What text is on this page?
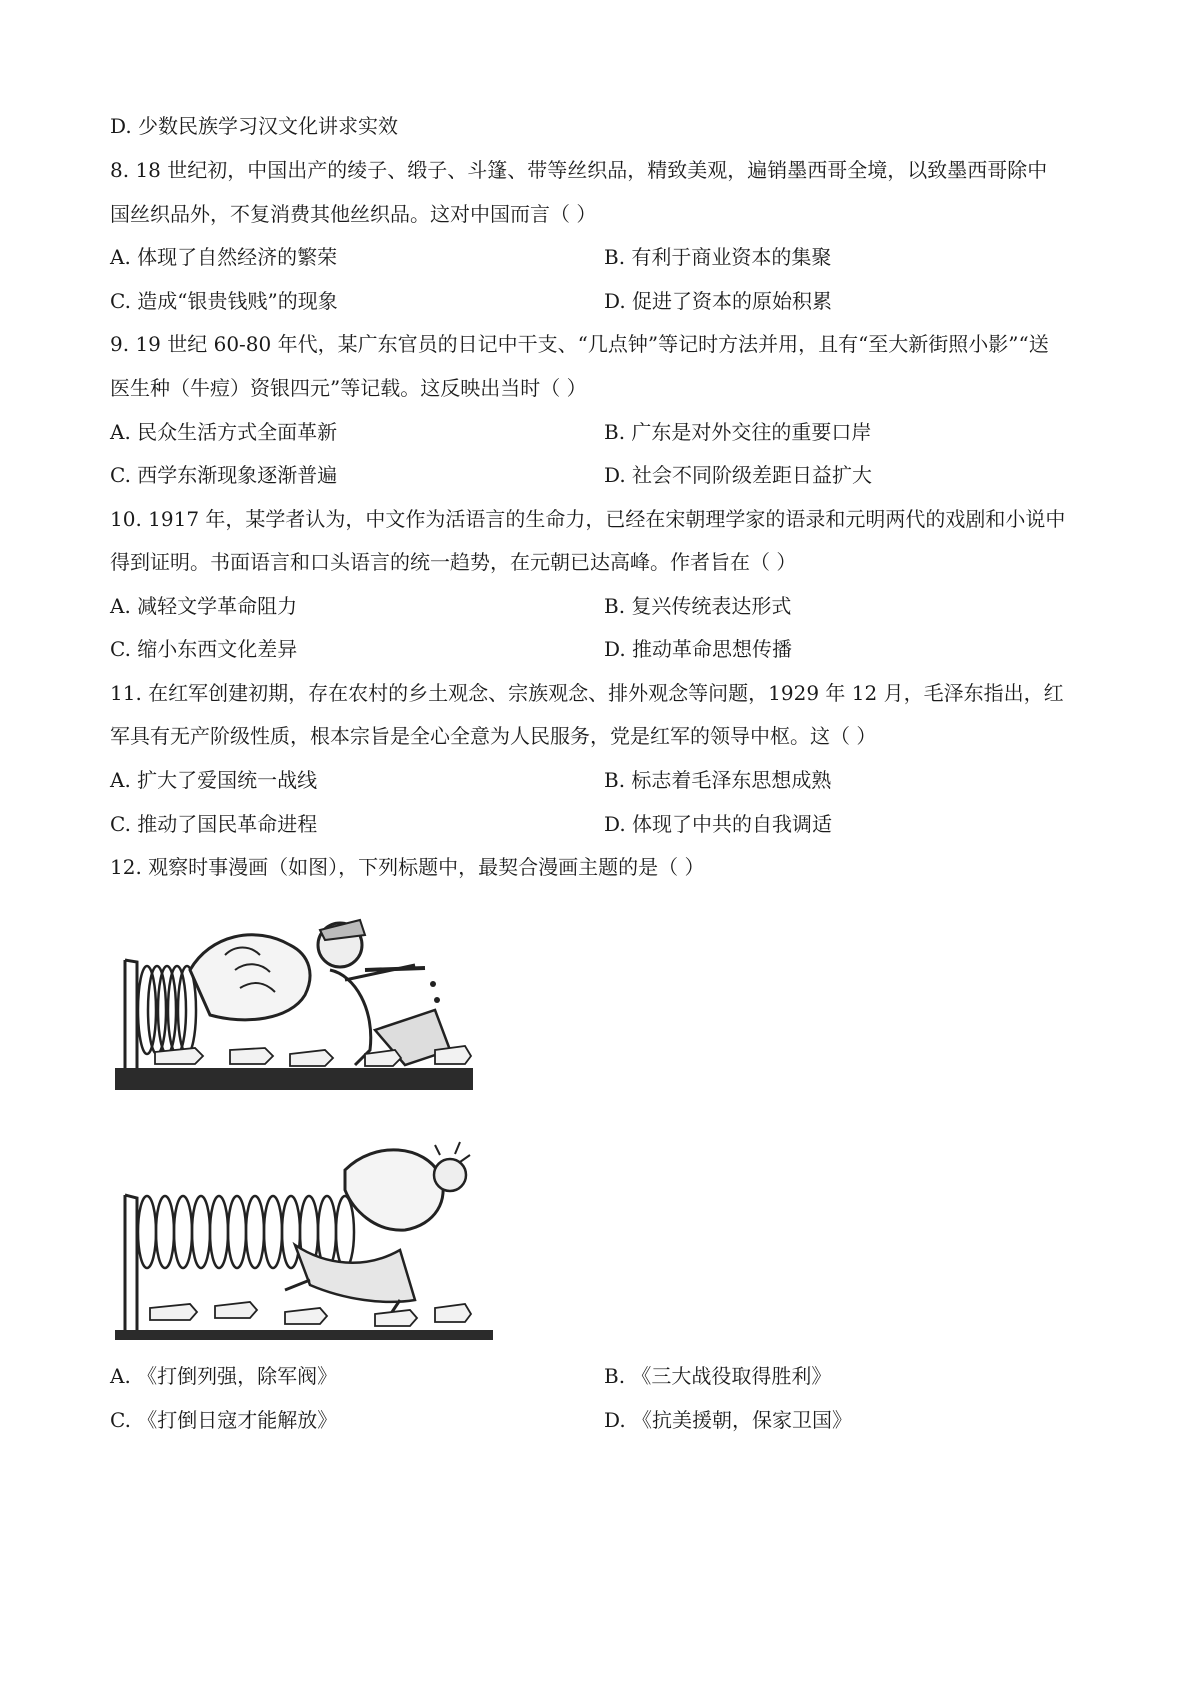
D. 少数民族学习汉文化讲求实效
8. 18 世纪初，中国出产的绫子、缎子、斗篷、带等丝织品，精致美观，遍销墨西哥全境，以致墨西哥除中
国丝织品外，不复消费其他丝织品。这对中国而言（ ）
A. 体现了自然经济的繁荣	B. 有利于商业资本的集聚
C. 造成“银贵钱贱”的现象	D. 促进了资本的原始积累
9. 19 世纪 60-80 年代，某广东官员的日记中干支、“几点钟”等记时方法并用，且有“至大新街照小影”“送
医生种（牛痘）资银四元”等记载。这反映出当时（ ）
A. 民众生活方式全面革新	B. 广东是对外交往的重要口岸
C. 西学东渐现象逐渐普遍	D. 社会不同阶级差距日益扩大
10. 1917 年，某学者认为，中文作为活语言的生命力，已经在宋朝理学家的语录和元明两代的戏剧和小说中
得到证明。书面语言和口头语言的统一趋势，在元朝已达高峰。作者旨在（ ）
A. 减轻文学革命阻力	B. 复兴传统表达形式
C. 缩小东西文化差异	D. 推动革命思想传播
11. 在红军创建初期，存在农村的乡土观念、宗族观念、排外观念等问题，1929 年 12 月，毛泽东指出，红
军具有无产阶级性质，根本宗旨是全心全意为人民服务，党是红军的领导中枢。这（ ）
A. 扩大了爱国统一战线	B. 标志着毛泽东思想成熟
C. 推动了国民革命进程	D. 体现了中共的自我调适
12. 观察时事漫画（如图），下列标题中，最契合漫画主题的是（ ）
A. 《打倒列强，除军阀》	B. 《三大战役取得胜利》
C. 《打倒日寇才能解放》	D. 《抗美援朝，保家卫国》
